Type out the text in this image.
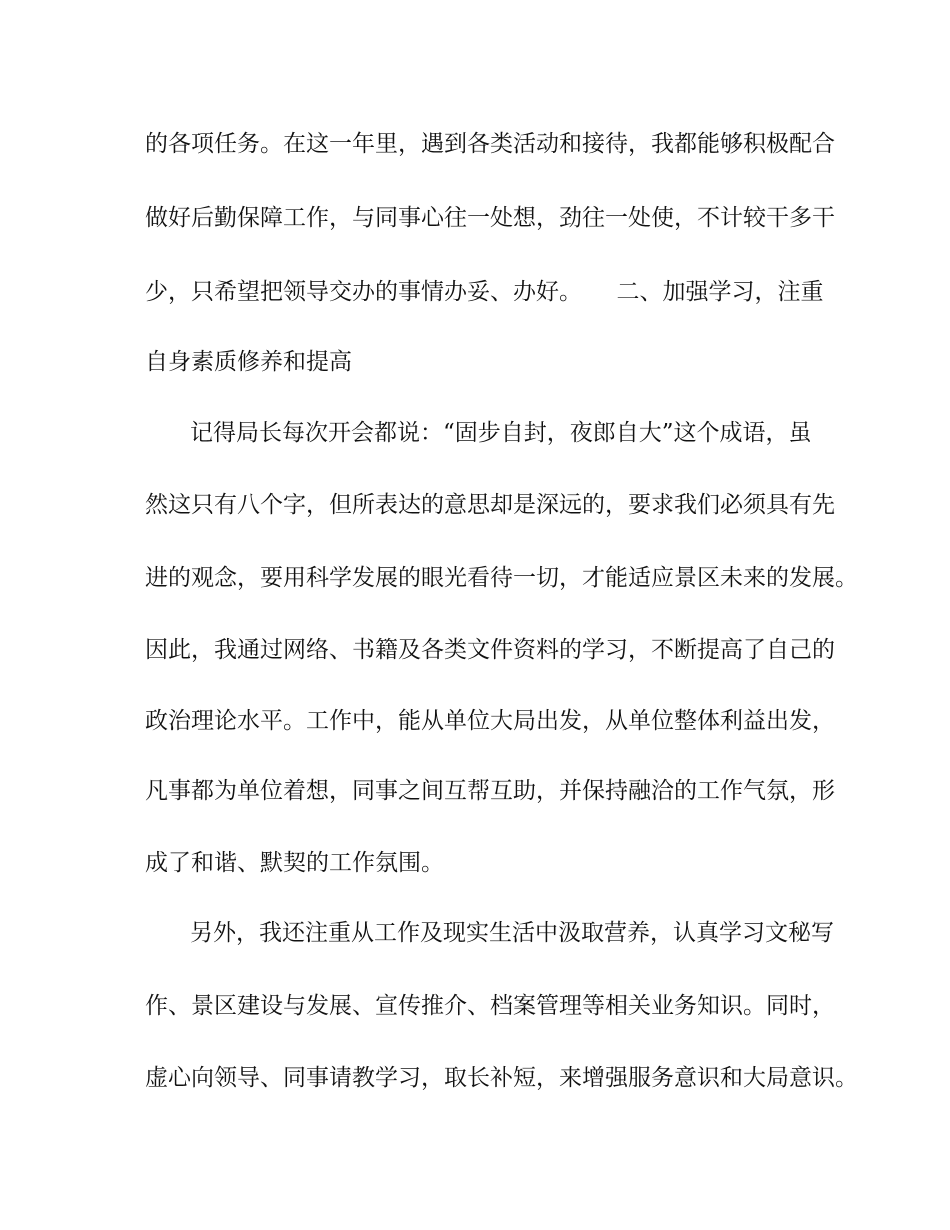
的各项任务。在这一年里，遇到各类活动和接待，我都能够积极配合
做好后勤保障工作，与同事心往一处想，劲往一处使，不计较干多干
少，只希望把领导交办的事情办妥、办好。　　二、加强学习，注重
自身素质修养和提高
记得局长每次开会都说：“固步自封，夜郎自大”这个成语，虽
然这只有八个字，但所表达的意思却是深远的，要求我们必须具有先
进的观念，要用科学发展的眼光看待一切，才能适应景区未来的发展。
因此，我通过网络、书籍及各类文件资料的学习，不断提高了自己的
政治理论水平。工作中，能从单位大局出发，从单位整体利益出发，
凡事都为单位着想，同事之间互帮互助，并保持融洽的工作气氛，形
成了和谐、默契的工作氛围。
另外，我还注重从工作及现实生活中汲取营养，认真学习文秘写
作、景区建设与发展、宣传推介、档案管理等相关业务知识。同时，
虚心向领导、同事请教学习，取长补短，来增强服务意识和大局意识。
